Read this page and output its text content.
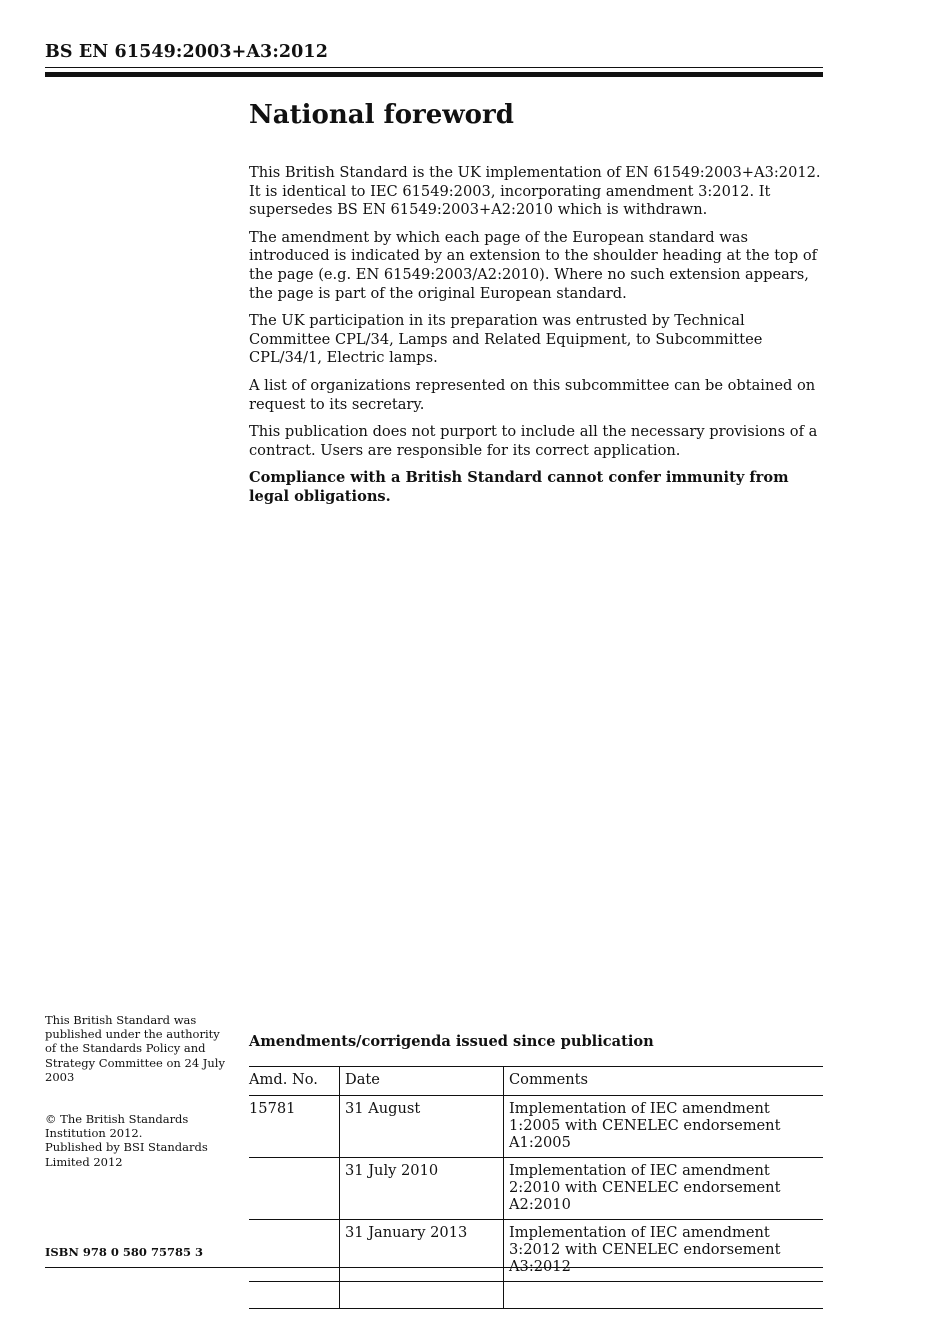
BS EN 61549:2003+A3:2012
National foreword

This British Standard is the UK implementation of EN 61549:2003+A3:2012. It is identical to IEC 61549:2003, incorporating amendment 3:2012. It supersedes BS EN 61549:2003+A2:2010 which is withdrawn.

The amendment by which each page of the European standard was introduced is indicated by an extension to the shoulder heading at the top of the page (e.g. EN 61549:2003/A2:2010). Where no such extension appears, the page is part of the original European standard.

The UK participation in its preparation was entrusted by Technical Committee CPL/34, Lamps and Related Equipment, to Subcommittee CPL/34/1, Electric lamps.

A list of organizations represented on this subcommittee can be obtained on request to its secretary.

This publication does not purport to include all the necessary provisions of a contract. Users are responsible for its correct application.

Compliance with a British Standard cannot confer immunity from legal obligations.

This British Standard was published under the authority of the Standards Policy and Strategy Committee on 24 July 2003
© The British Standards Institution 2012.
Published by BSI Standards Limited 2012
ISBN 978 0 580 75785 3
Amendments/corrigenda issued since publication
Amd. No.	Date	Comments
15781	31 August	Implementation of IEC amendment 1:2005 with CENELEC endorsement A1:2005
	31 July 2010	Implementation of IEC amendment 2:2010 with CENELEC endorsement A2:2010
	31 January 2013	Implementation of IEC amendment 3:2012 with CENELEC endorsement A3:2012
